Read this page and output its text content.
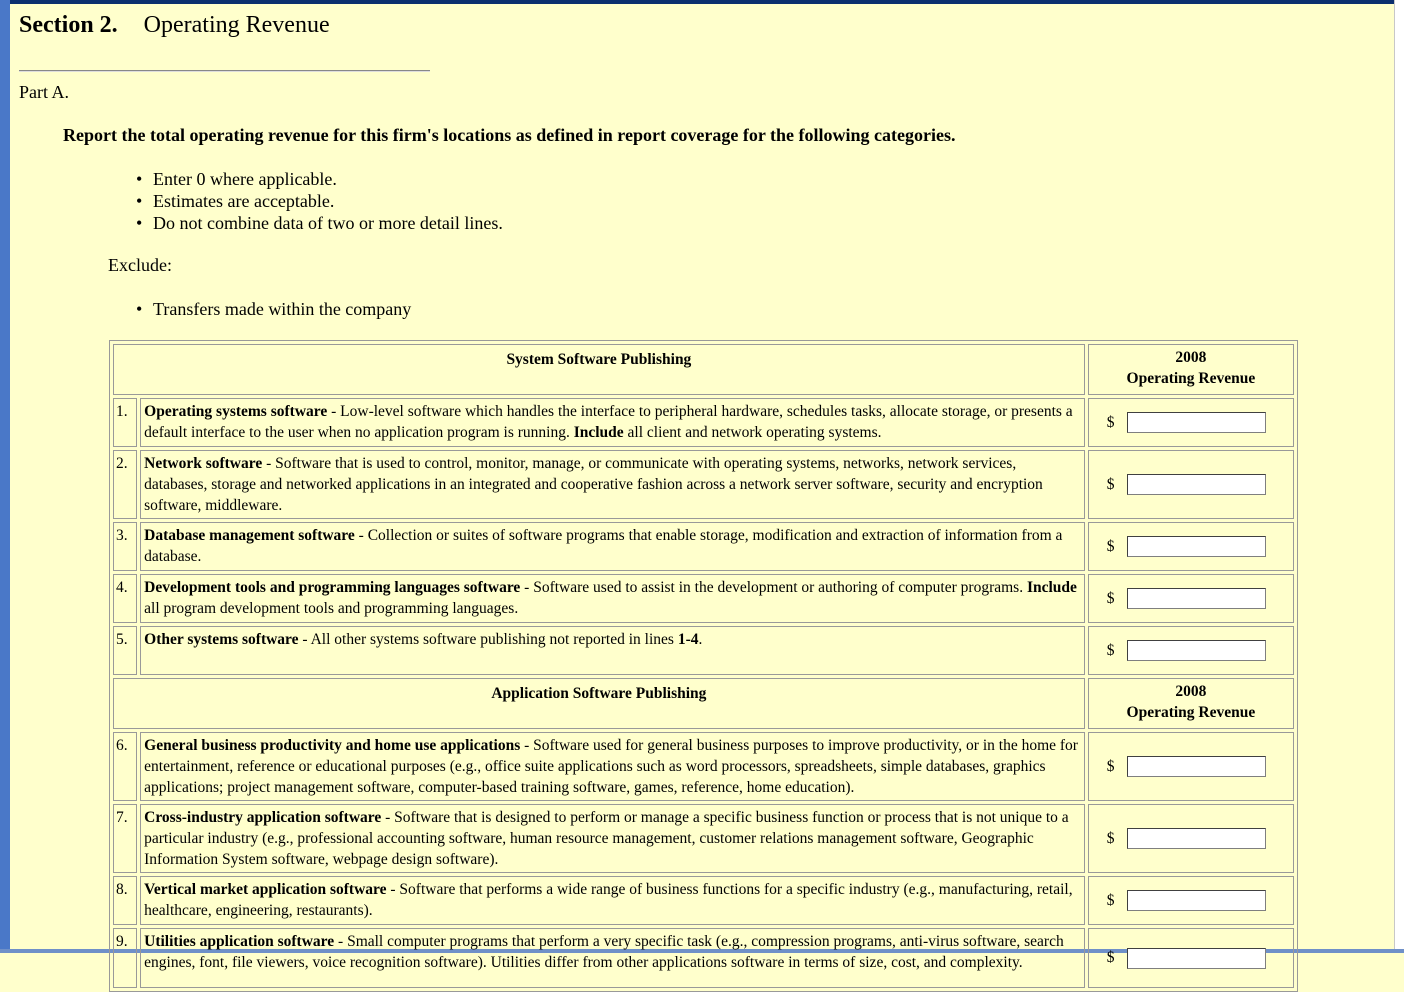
Section 2. Operating Revenue
Part A.
Report the total operating revenue for this firm's locations as defined in report coverage for the following categories.
• Enter 0 where applicable.
• Estimates are acceptable.
• Do not combine data of two or more detail lines.
Exclude:
• Transfers made within the company
System Software Publishing		2008
Operating Revenue
1.	Operating systems software - Low-level software which handles the interface to peripheral hardware, schedules tasks, allocate storage, or presents a default interface to the user when no application program is running. Include all client and network operating systems.	$
2.	Network software - Software that is used to control, monitor, manage, or communicate with operating systems, networks, network services, databases, storage and networked applications in an integrated and cooperative fashion across a network server software, security and encryption software, middleware.	$
3.	Database management software - Collection or suites of software programs that enable storage, modification and extraction of information from a database.	$
4.	Development tools and programming languages software - Software used to assist in the development or authoring of computer programs. Include all program development tools and programming languages.	$
5.	Other systems software - All other systems software publishing not reported in lines 1-4.	$
Application Software Publishing		2008
Operating Revenue
6.	General business productivity and home use applications - Software used for general business purposes to improve productivity, or in the home for entertainment, reference or educational purposes (e.g., office suite applications such as word processors, spreadsheets, simple databases, graphics applications; project management software, computer-based training software, games, reference, home education).	$
7.	Cross-industry application software - Software that is designed to perform or manage a specific business function or process that is not unique to a particular industry (e.g., professional accounting software, human resource management, customer relations management software, Geographic Information System software, webpage design software).	$
8.	Vertical market application software - Software that performs a wide range of business functions for a specific industry (e.g., manufacturing, retail, healthcare, engineering, restaurants).	$
9.	Utilities application software - Small computer programs that perform a very specific task (e.g., compression programs, anti-virus software, search engines, font, file viewers, voice recognition software). Utilities differ from other applications software in terms of size, cost, and complexity.	$
